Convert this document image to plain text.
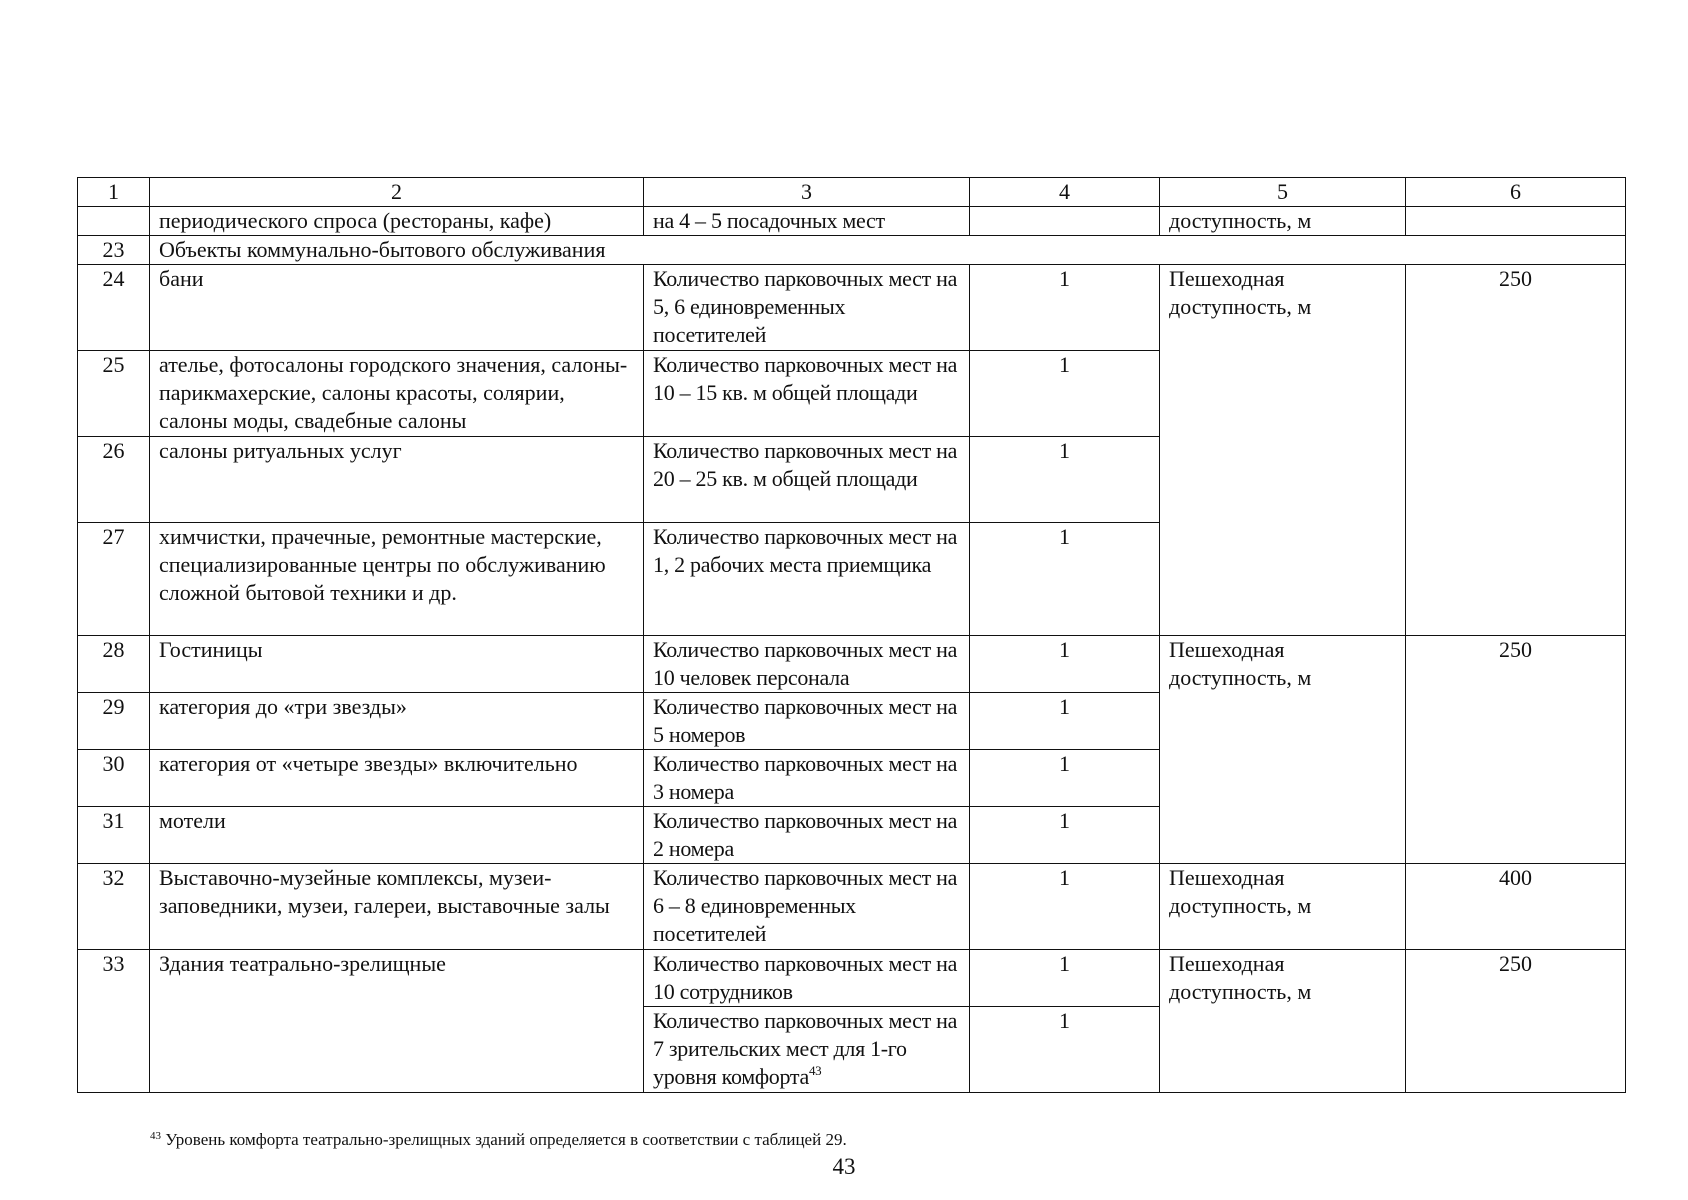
1	2	3	4	5	6
	периодического спроса (рестораны, кафе)	на 4 – 5 посадочных мест		доступность, м	
23	Объекты коммунально-бытового обслуживания				
24	бани	Количество парковочных мест на 5, 6 единовременных посетителей	1	Пешеходная доступность, м	250
25	ателье, фотосалоны городского значения, салоны-парикмахерские, салоны красоты, солярии, салоны моды, свадебные салоны	Количество парковочных мест на 10 – 15 кв. м общей площади	1		
26	салоны ритуальных услуг	Количество парковочных мест на 20 – 25 кв. м общей площади	1		
27	химчистки, прачечные, ремонтные мастерские, специализированные центры по обслуживанию сложной бытовой техники и др.	Количество парковочных мест на 1, 2 рабочих места приемщика	1		
28	Гостиницы	Количество парковочных мест на 10 человек персонала	1	Пешеходная доступность, м	250
29	категория до «три звезды»	Количество парковочных мест на 5 номеров	1		
30	категория от «четыре звезды» включительно	Количество парковочных мест на 3 номера	1		
31	мотели	Количество парковочных мест на 2 номера	1		
32	Выставочно-музейные комплексы, музеи-заповедники, музеи, галереи, выставочные залы	Количество парковочных мест на 6 – 8 единовременных посетителей	1	Пешеходная доступность, м	400
33	Здания театрально-зрелищные	Количество парковочных мест на 10 сотрудников	1	Пешеходная доступность, м	250
		Количество парковочных мест на 7 зрительских мест для 1-го уровня комфорта$^{43}$	1		
$^{43}$ Уровень комфорта театрально-зрелищных зданий определяется в соответствии с таблицей 29.
43
